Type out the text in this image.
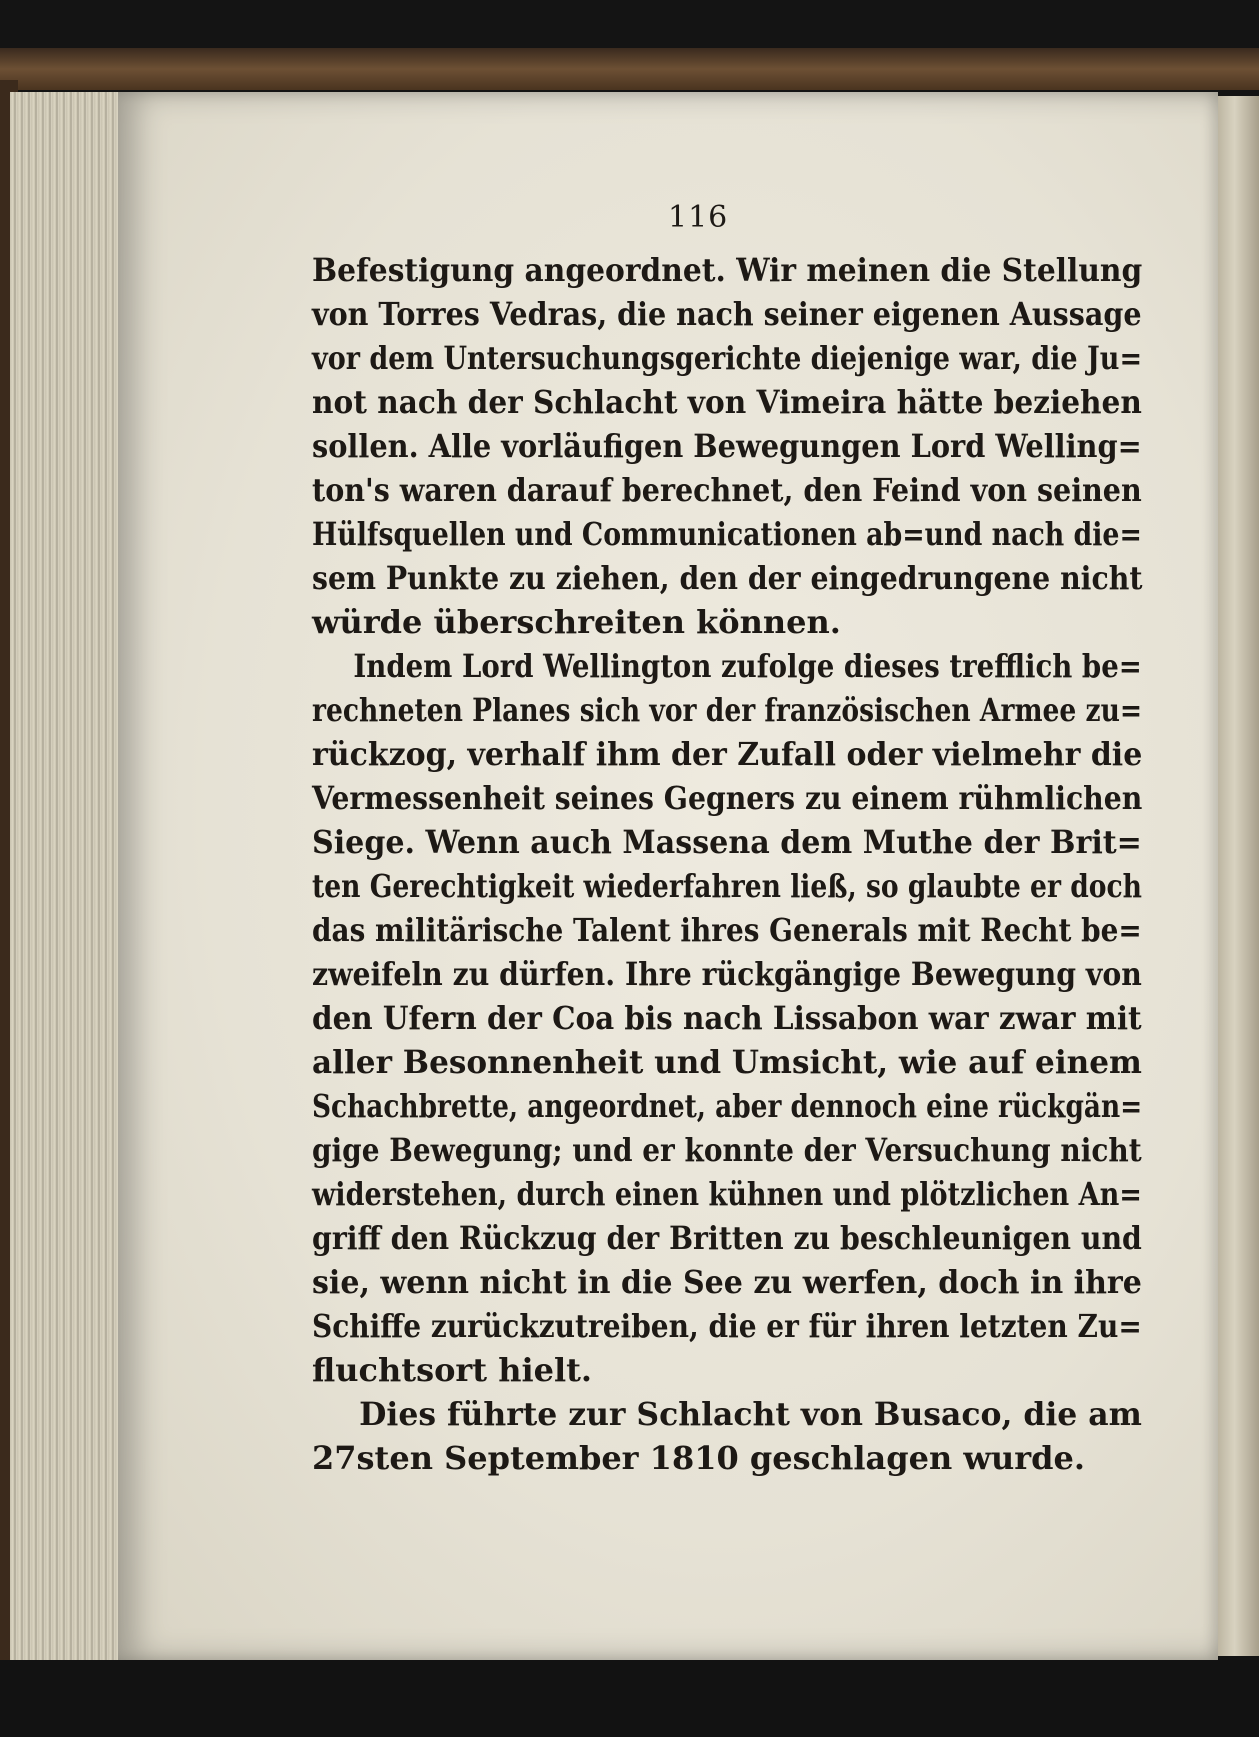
116
Befestigung angeordnet. Wir meinen die Stellung
von Torres Vedras, die nach seiner eigenen Aussage
vor dem Untersuchungsgerichte diejenige war, die Ju=
not nach der Schlacht von Vimeira hätte beziehen
sollen. Alle vorläufigen Bewegungen Lord Welling=
ton's waren darauf berechnet, den Feind von seinen
Hülfsquellen und Communicationen ab=und nach die=
sem Punkte zu ziehen, den der eingedrungene nicht
würde überschreiten können.
Indem Lord Wellington zufolge dieses trefflich be=
rechneten Planes sich vor der französischen Armee zu=
rückzog, verhalf ihm der Zufall oder vielmehr die
Vermessenheit seines Gegners zu einem rühmlichen
Siege. Wenn auch Massena dem Muthe der Brit=
ten Gerechtigkeit wiederfahren ließ, so glaubte er doch
das militärische Talent ihres Generals mit Recht be=
zweifeln zu dürfen. Ihre rückgängige Bewegung von
den Ufern der Coa bis nach Lissabon war zwar mit
aller Besonnenheit und Umsicht, wie auf einem
Schachbrette, angeordnet, aber dennoch eine rückgän=
gige Bewegung; und er konnte der Versuchung nicht
widerstehen, durch einen kühnen und plötzlichen An=
griff den Rückzug der Britten zu beschleunigen und
sie, wenn nicht in die See zu werfen, doch in ihre
Schiffe zurückzutreiben, die er für ihren letzten Zu=
fluchtsort hielt.
Dies führte zur Schlacht von Busaco, die am
27sten September 1810 geschlagen wurde.
